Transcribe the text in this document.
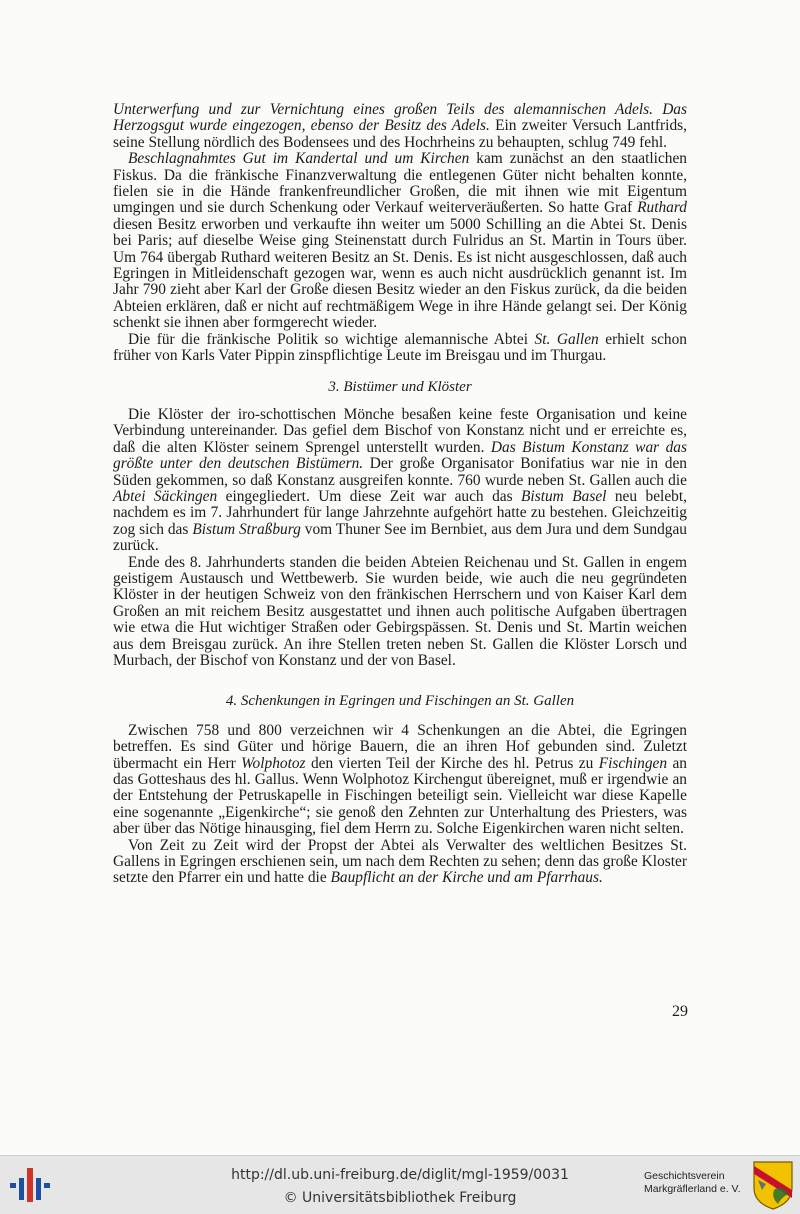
Unterwerfung und zur Vernichtung eines großen Teils des alemannischen Adels. Das Herzogsgut wurde eingezogen, ebenso der Besitz des Adels. Ein zweiter Versuch Lantfrids, seine Stellung nördlich des Bodensees und des Hochrheins zu behaupten, schlug 749 fehl.

Beschlagnahmtes Gut im Kandertal und um Kirchen kam zunächst an den staatlichen Fiskus. Da die fränkische Finanzverwaltung die entlegenen Güter nicht behalten konnte, fielen sie in die Hände frankenfreundlicher Großen, die mit ihnen wie mit Eigentum umgingen und sie durch Schenkung oder Verkauf weiterveräußerten. So hatte Graf Ruthard diesen Besitz erworben und verkaufte ihn weiter um 5000 Schilling an die Abtei St. Denis bei Paris; auf dieselbe Weise ging Steinenstatt durch Fulridus an St. Martin in Tours über. Um 764 übergab Ruthard weiteren Besitz an St. Denis. Es ist nicht ausgeschlossen, daß auch Egringen in Mitleidenschaft gezogen war, wenn es auch nicht ausdrücklich genannt ist. Im Jahr 790 zieht aber Karl der Große diesen Besitz wieder an den Fiskus zurück, da die beiden Abteien erklären, daß er nicht auf rechtmäßigem Wege in ihre Hände gelangt sei. Der König schenkt sie ihnen aber formgerecht wieder.

Die für die fränkische Politik so wichtige alemannische Abtei St. Gallen erhielt schon früher von Karls Vater Pippin zinspflichtige Leute im Breisgau und im Thurgau.

3. Bistümer und Klöster

Die Klöster der iro-schottischen Mönche besaßen keine feste Organisation und keine Verbindung untereinander. Das gefiel dem Bischof von Konstanz nicht und er erreichte es, daß die alten Klöster seinem Sprengel unterstellt wurden. Das Bistum Konstanz war das größte unter den deutschen Bistümern. Der große Organisator Bonifatius war nie in den Süden gekommen, so daß Konstanz ausgreifen konnte. 760 wurde neben St. Gallen auch die Abtei Säckingen eingegliedert. Um diese Zeit war auch das Bistum Basel neu belebt, nachdem es im 7. Jahrhundert für lange Jahrzehnte aufgehört hatte zu bestehen. Gleichzeitig zog sich das Bistum Straßburg vom Thuner See im Bernbiet, aus dem Jura und dem Sundgau zurück.

Ende des 8. Jahrhunderts standen die beiden Abteien Reichenau und St. Gallen in engem geistigem Austausch und Wettbewerb. Sie wurden beide, wie auch die neu gegründeten Klöster in der heutigen Schweiz von den fränkischen Herrschern und von Kaiser Karl dem Großen an mit reichem Besitz ausgestattet und ihnen auch politische Aufgaben übertragen wie etwa die Hut wichtiger Straßen oder Gebirgspässen. St. Denis und St. Martin weichen aus dem Breisgau zurück. An ihre Stellen treten neben St. Gallen die Klöster Lorsch und Murbach, der Bischof von Konstanz und der von Basel.

4. Schenkungen in Egringen und Fischingen an St. Gallen

Zwischen 758 und 800 verzeichnen wir 4 Schenkungen an die Abtei, die Egringen betreffen. Es sind Güter und hörige Bauern, die an ihren Hof gebunden sind. Zuletzt übermacht ein Herr Wolphotoz den vierten Teil der Kirche des hl. Petrus zu Fischingen an das Gotteshaus des hl. Gallus. Wenn Wolphotoz Kirchengut übereignet, muß er irgendwie an der Entstehung der Petruskapelle in Fischingen beteiligt sein. Vielleicht war diese Kapelle eine sogenannte „Eigenkirche“; sie genoß den Zehnten zur Unterhaltung des Priesters, was aber über das Nötige hinausging, fiel dem Herrn zu. Solche Eigenkirchen waren nicht selten.

Von Zeit zu Zeit wird der Propst der Abtei als Verwalter des weltlichen Besitzes St. Gallens in Egringen erschienen sein, um nach dem Rechten zu sehen; denn das große Kloster setzte den Pfarrer ein und hatte die Baupflicht an der Kirche und am Pfarrhaus.

29
http://dl.ub.uni-freiburg.de/diglit/mgl-1959/0031
© Universitätsbibliothek Freiburg
Geschichtsverein
Markgräflerland e. V.
